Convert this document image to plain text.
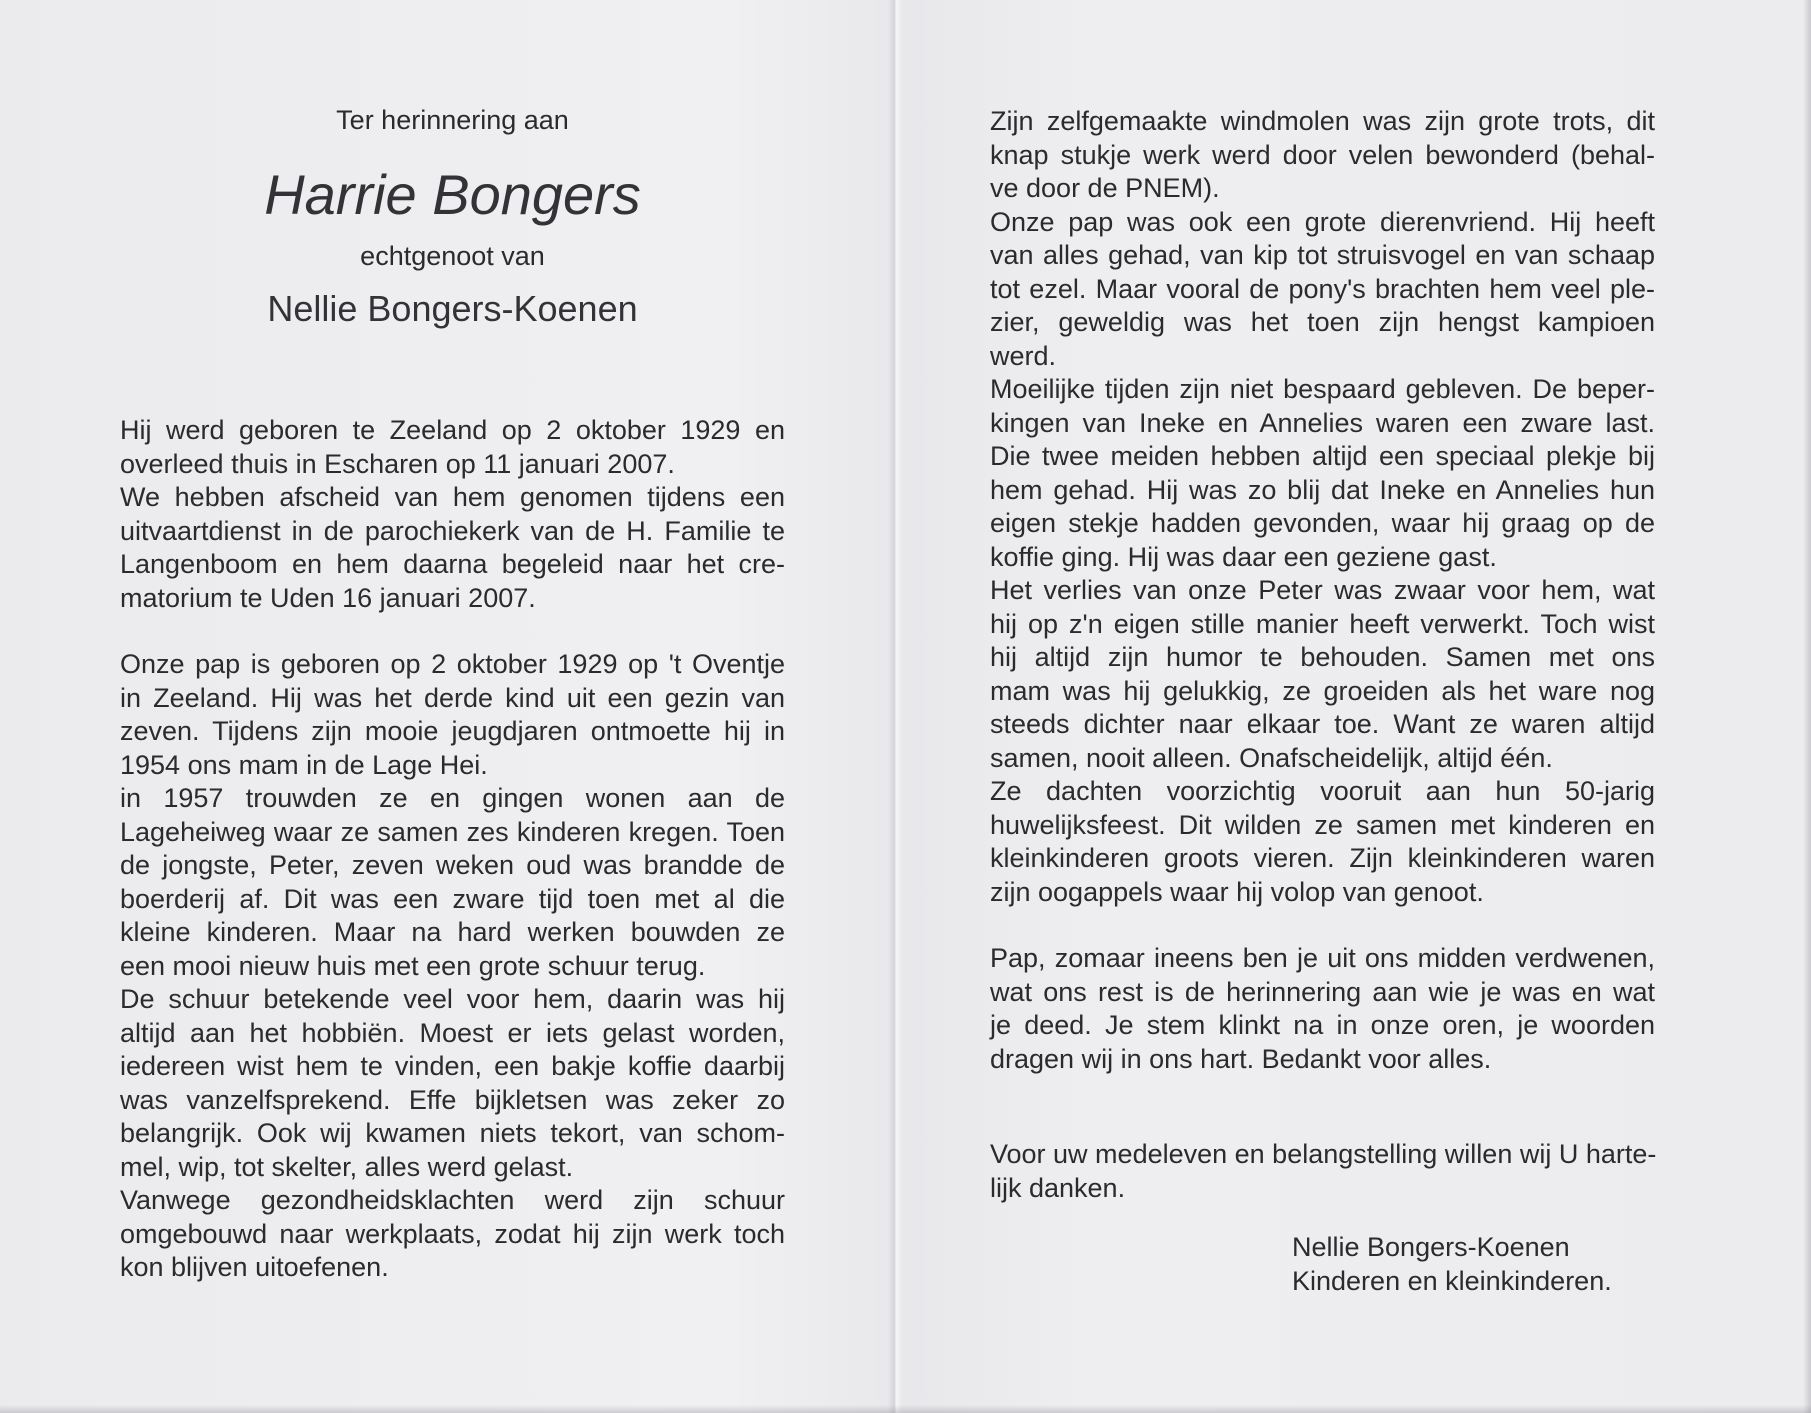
Ter herinnering aan
Harrie Bongers
echtgenoot van
Nellie Bongers-Koenen
Hij werd geboren te Zeeland op 2 oktober 1929 en
overleed thuis in Escharen op 11 januari 2007.
We hebben afscheid van hem genomen tijdens een
uitvaartdienst in de parochiekerk van de H. Familie te
Langenboom en hem daarna begeleid naar het cre-
matorium te Uden 16 januari 2007.
Onze pap is geboren op 2 oktober 1929 op 't Oventje
in Zeeland. Hij was het derde kind uit een gezin van
zeven. Tijdens zijn mooie jeugdjaren ontmoette hij in
1954 ons mam in de Lage Hei.
in 1957 trouwden ze en gingen wonen aan de
Lageheiweg waar ze samen zes kinderen kregen. Toen
de jongste, Peter, zeven weken oud was brandde de
boerderij af. Dit was een zware tijd toen met al die
kleine kinderen. Maar na hard werken bouwden ze
een mooi nieuw huis met een grote schuur terug.
De schuur betekende veel voor hem, daarin was hij
altijd aan het hobbiën. Moest er iets gelast worden,
iedereen wist hem te vinden, een bakje koffie daarbij
was vanzelfsprekend. Effe bijkletsen was zeker zo
belangrijk. Ook wij kwamen niets tekort, van schom-
mel, wip, tot skelter, alles werd gelast.
Vanwege gezondheidsklachten werd zijn schuur
omgebouwd naar werkplaats, zodat hij zijn werk toch
kon blijven uitoefenen.
Zijn zelfgemaakte windmolen was zijn grote trots, dit
knap stukje werk werd door velen bewonderd (behal-
ve door de PNEM).
Onze pap was ook een grote dierenvriend. Hij heeft
van alles gehad, van kip tot struisvogel en van schaap
tot ezel. Maar vooral de pony's brachten hem veel ple-
zier, geweldig was het toen zijn hengst kampioen
werd.
Moeilijke tijden zijn niet bespaard gebleven. De beper-
kingen van Ineke en Annelies waren een zware last.
Die twee meiden hebben altijd een speciaal plekje bij
hem gehad. Hij was zo blij dat Ineke en Annelies hun
eigen stekje hadden gevonden, waar hij graag op de
koffie ging. Hij was daar een geziene gast.
Het verlies van onze Peter was zwaar voor hem, wat
hij op z'n eigen stille manier heeft verwerkt. Toch wist
hij altijd zijn humor te behouden. Samen met ons
mam was hij gelukkig, ze groeiden als het ware nog
steeds dichter naar elkaar toe. Want ze waren altijd
samen, nooit alleen. Onafscheidelijk, altijd één.
Ze dachten voorzichtig vooruit aan hun 50-jarig
huwelijksfeest. Dit wilden ze samen met kinderen en
kleinkinderen groots vieren. Zijn kleinkinderen waren
zijn oogappels waar hij volop van genoot.
Pap, zomaar ineens ben je uit ons midden verdwenen,
wat ons rest is de herinnering aan wie je was en wat
je deed. Je stem klinkt na in onze oren, je woorden
dragen wij in ons hart. Bedankt voor alles.
Voor uw medeleven en belangstelling willen wij U harte-
lijk danken.
Nellie Bongers-Koenen
Kinderen en kleinkinderen.
